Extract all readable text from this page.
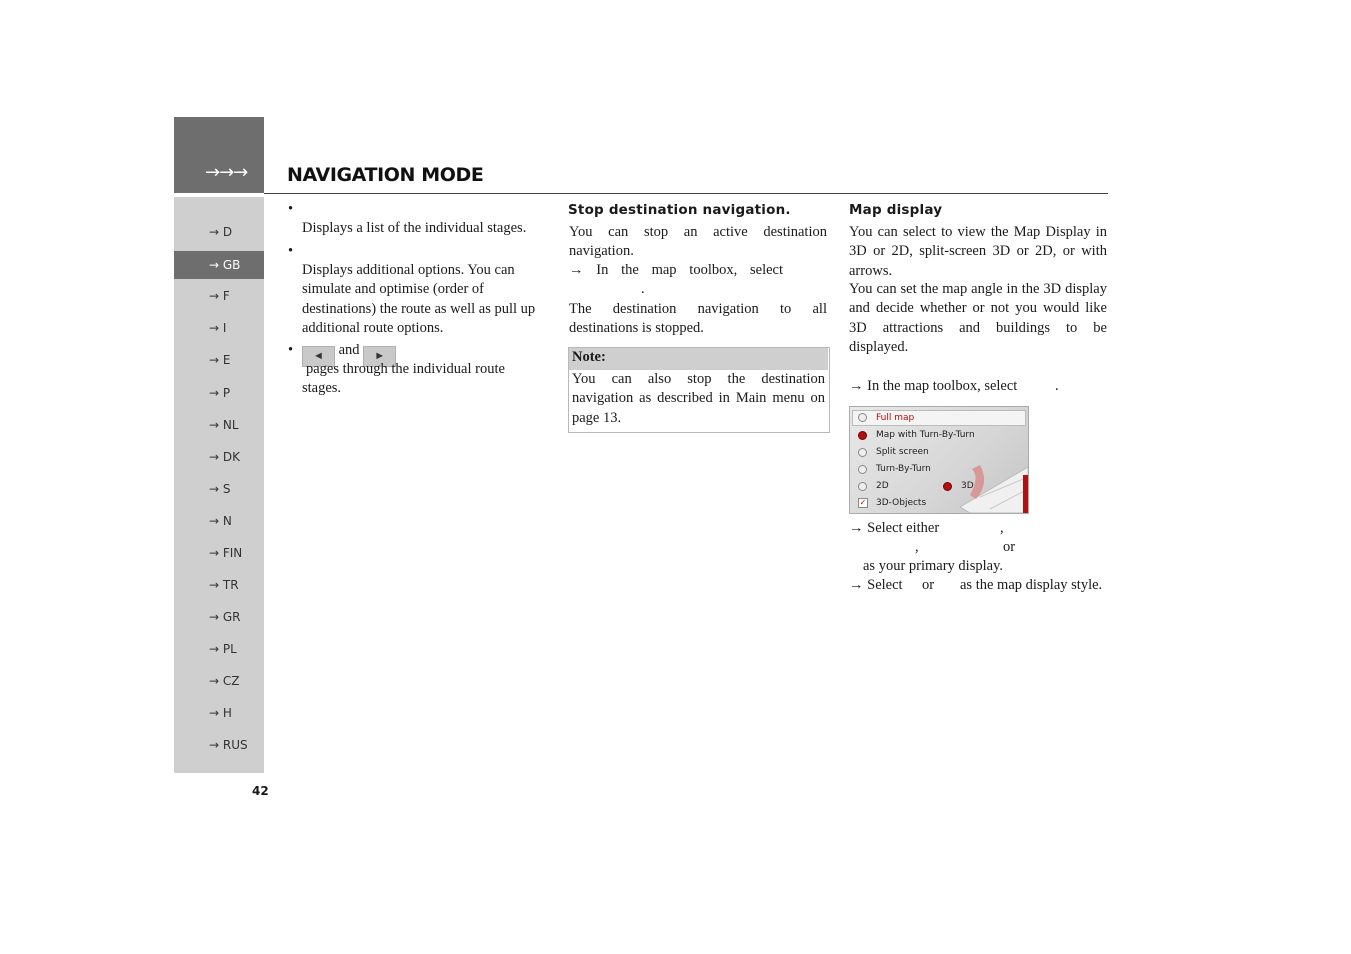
→→→ NAVIGATION MODE
→ D
→ GB
→ F
→ I
→ E
→ P
→ NL
→ DK
→ S
→ N
→ FIN
→ TR
→ GR
→ PL
→ CZ
→ H
→ RUS
42
•
Displays a list of the individual stages.
•
Displays additional options. You can simulate and optimise (order of destinations) the route as well as pull up additional route options.
•	◄ and ►
pages through the individual route stages.
Stop destination navigation.
You can stop an active destination navigation.
→ In the map toolbox, select
.
The destination navigation to all destinations is stopped.
Note:
You can also stop the destination navigation as described in Main menu on page 13.
Map display
You can select to view the Map Display in 3D or 2D, split-screen 3D or 2D, or with arrows.
You can set the map angle in the 3D display and decide whether or not you would like 3D attractions and buildings to be displayed.
→ In the map toolbox, select	.
Full map
Map with Turn-By-Turn
Split screen
Turn-By-Turn
2D	3D
✓ 3D-Objects
→ Select either	,
,	or
as your primary display.
→ Select or as the map display style.
